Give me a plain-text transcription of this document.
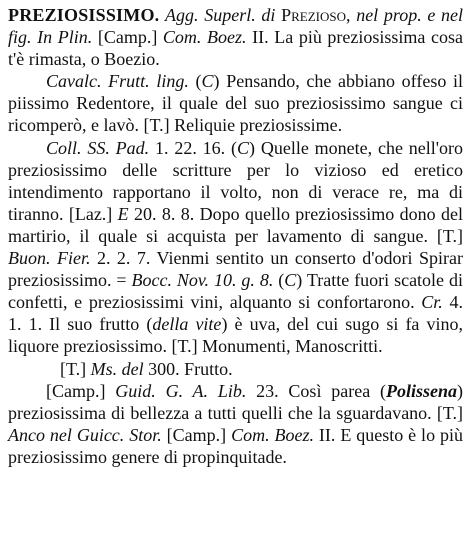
PREZIOSISSIMO. Agg. Superl. di Prezioso, nel prop. e nel fig. In Plin. [Camp.] Com. Boez. II. La più preziosissima cosa t'è rimasta, o Boezio.

Cavalc. Frutt. ling. (C) Pensando, che abbiano offeso il piissimo Redentore, il quale del suo preziosissimo sangue ci ricomperò, e lavò. [T.] Reliquie preziosissime.

Coll. SS. Pad. 1. 22. 16. (C) Quelle monete, che nell'oro preziosissimo delle scritture per lo vizioso ed eretico intendimento rapportano il volto, non di verace re, ma di tiranno. [Laz.] E 20. 8. 8. Dopo quello preziosissimo dono del martirio, il quale si acquista per lavamento di sangue. [T.] Buon. Fier. 2. 2. 7. Vienmi sentito un conserto d'odori Spirar preziosissimo. = Bocc. Nov. 10. g. 8. (C) Tratte fuori scatole di confetti, e preziosissimi vini, alquanto si confortarono. Cr. 4. 1. 1. Il suo frutto (della vite) è uva, del cui sugo si fa vino, liquore preziosissimo. [T.] Monumenti, Manoscritti.

[T.] Ms. del 300. Frutto.

[Camp.] Guid. G. A. Lib. 23. Così parea (Polissena) preziosissima di bellezza a tutti quelli che la sguardavano. [T.] Anco nel Guicc. Stor. [Camp.] Com. Boez. II. E questo è lo più preziosissimo genere di propinquitade.
